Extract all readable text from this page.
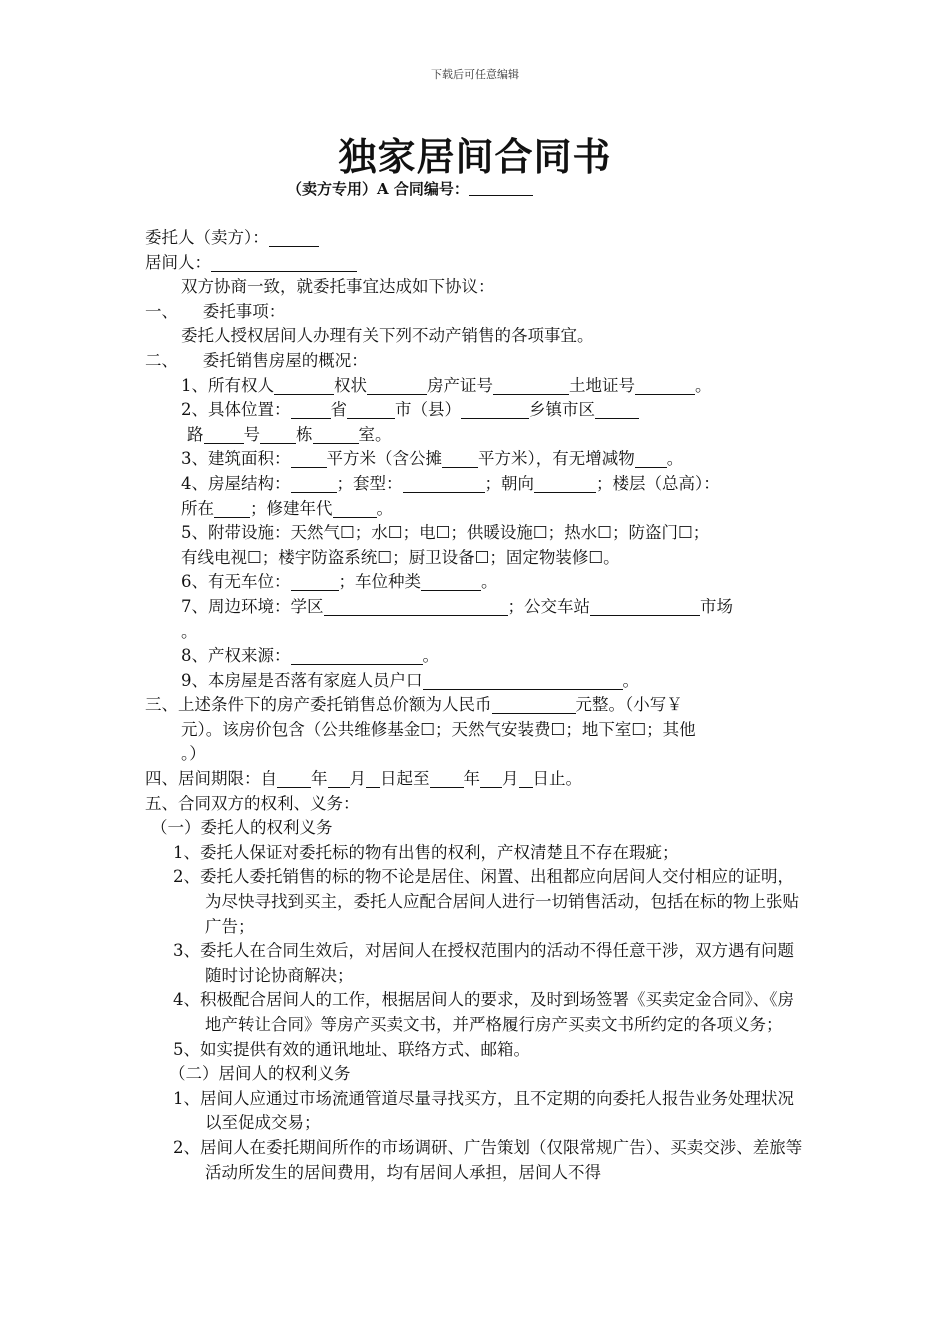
下载后可任意编辑
独家居间合同书
（卖方专用）A 合同编号：

委托人（卖方）：

居间人：

双方协商一致，就委托事宜达成如下协议：

一、　　委托事项：

委托人授权居间人办理有关下列不动产销售的各项事宜。

二、　　委托销售房屋的概况：

1、所有权人	权状	房产证号	土地证号	。

2、具体位置： 省	市（县）	乡镇市区

路 号 栋	室。

3、建筑面积： 平方米（含公摊 平方米），有无增减物 。

4、房屋结构：	；套型：	；朝向	；楼层（总高）：

所在 ；修建年代	。

5、附带设施：天然气☐；水☐；电☐；供暖设施☐；热水☐；防盗门☐；

有线电视☐；楼宇防盗系统☐；厨卫设备☐；固定物装修☐。

6、有无车位：	；车位种类	。

7、周边环境：学区	；公交车站	市场

。

8、产权来源：	。

9、本房屋是否落有家庭人员户口	。

三、上述条件下的房产委托销售总价额为人民币	元整。（小写￥

元）。该房价包含（公共维修基金☐；天然气安装费☐；地下室☐；其他

。）

四、居间期限：自 年 月 日起至 年 月 日止。

五、合同双方的权利、义务：

（一）委托人的权利义务

1、委托人保证对委托标的物有出售的权利，产权清楚且不存在瑕疵；

2、委托人委托销售的标的物不论是居住、闲置、出租都应向居间人交付相应的证明，为尽快寻找到买主，委托人应配合居间人进行一切销售活动，包括在标的物上张贴广告；

3、委托人在合同生效后，对居间人在授权范围内的活动不得任意干涉，双方遇有问题随时讨论协商解决；

4、积极配合居间人的工作，根据居间人的要求，及时到场签署《买卖定金合同》、《房地产转让合同》等房产买卖文书，并严格履行房产买卖文书所约定的各项义务；

5、如实提供有效的通讯地址、联络方式、邮箱。

（二）居间人的权利义务

1、居间人应通过市场流通管道尽量寻找买方，且不定期的向委托人报告业务处理状况以至促成交易；

2、居间人在委托期间所作的市场调研、广告策划（仅限常规广告）、买卖交涉、差旅等活动所发生的居间费用，均有居间人承担，居间人不得
